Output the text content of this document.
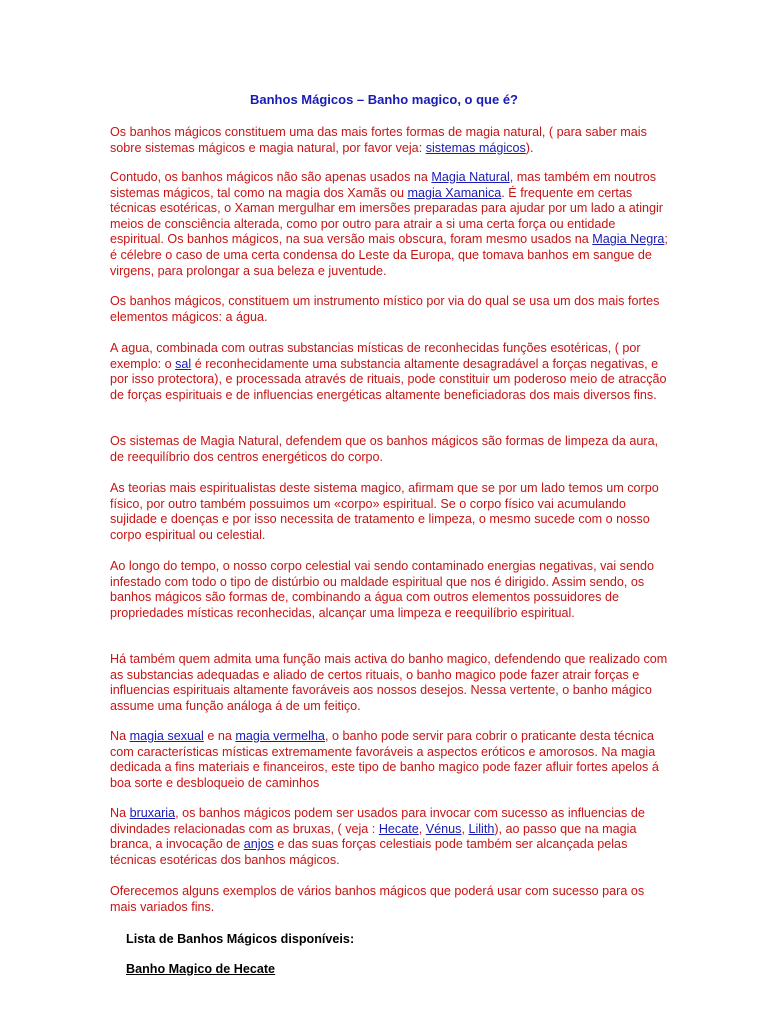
Banhos Mágicos – Banho magico, o que é?
Os banhos mágicos constituem uma das mais fortes formas de magia natural, ( para saber mais sobre sistemas mágicos e magia natural, por favor veja: sistemas mágicos).
Contudo, os banhos mágicos não são apenas usados na Magia Natural, mas também em noutros sistemas mágicos, tal como na magia dos Xamãs ou magia Xamanica. É frequente em certas técnicas esotéricas, o Xaman mergulhar em imersões preparadas para ajudar por um lado a atingir meios de consciência alterada, como por outro para atrair a si uma certa força ou entidade espiritual. Os banhos mágicos, na sua versão mais obscura, foram mesmo usados na Magia Negra; é célebre o caso de uma certa condensa do Leste da Europa, que tomava banhos em sangue de virgens, para prolongar a sua beleza e juventude.
Os banhos mágicos, constituem um instrumento místico por via do qual se usa um dos mais fortes elementos mágicos: a água.
A agua, combinada com outras substancias místicas de reconhecidas funções esotéricas, ( por exemplo: o sal é reconhecidamente uma substancia altamente desagradável a forças negativas, e por isso protectora), e processada através de rituais, pode constituir um poderoso meio de atracção de forças espirituais e de influencias energéticas altamente beneficiadoras dos mais diversos fins.
Os sistemas de Magia Natural, defendem que os banhos mágicos são formas de limpeza da aura, de reequilíbrio dos centros energéticos do corpo.
As teorias mais espiritualistas deste sistema magico, afirmam que se por um lado temos um corpo físico, por outro também possuimos um «corpo» espiritual. Se o corpo físico vai acumulando sujidade e doenças e por isso necessita de tratamento e limpeza, o mesmo sucede com o nosso corpo espiritual ou celestial.
Ao longo do tempo, o nosso corpo celestial vai sendo contaminado energias negativas, vai sendo infestado com todo o tipo de distúrbio ou maldade espiritual que nos é dirigido. Assim sendo, os banhos mágicos são formas de, combinando a água com outros elementos possuidores de propriedades místicas reconhecidas, alcançar uma limpeza e reequilíbrio espiritual.
Há também quem admita uma função mais activa do banho magico, defendendo que realizado com as substancias adequadas e aliado de certos rituais, o banho magico pode fazer atrair forças e influencias espirituais altamente favoráveis aos nossos desejos. Nessa vertente, o banho mágico assume uma função análoga á de um feitiço.
Na magia sexual e na magia vermelha, o banho pode servir para cobrir o praticante desta técnica com características místicas extremamente favoráveis a aspectos eróticos e amorosos. Na magia dedicada a fins materiais e financeiros, este tipo de banho magico pode fazer afluir fortes apelos á boa sorte e desbloqueio de caminhos
Na bruxaria, os banhos mágicos podem ser usados para invocar com sucesso as influencias de divindades relacionadas com as bruxas, ( veja : Hecate, Vénus, Lilith), ao passo que na magia branca, a invocação de anjos e das suas forças celestiais pode também ser alcançada pelas técnicas esotéricas dos banhos mágicos.
Oferecemos alguns exemplos de vários banhos mágicos que poderá usar com sucesso para os mais variados fins.
Lista de Banhos Mágicos disponíveis:
Banho Magico de Hecate
